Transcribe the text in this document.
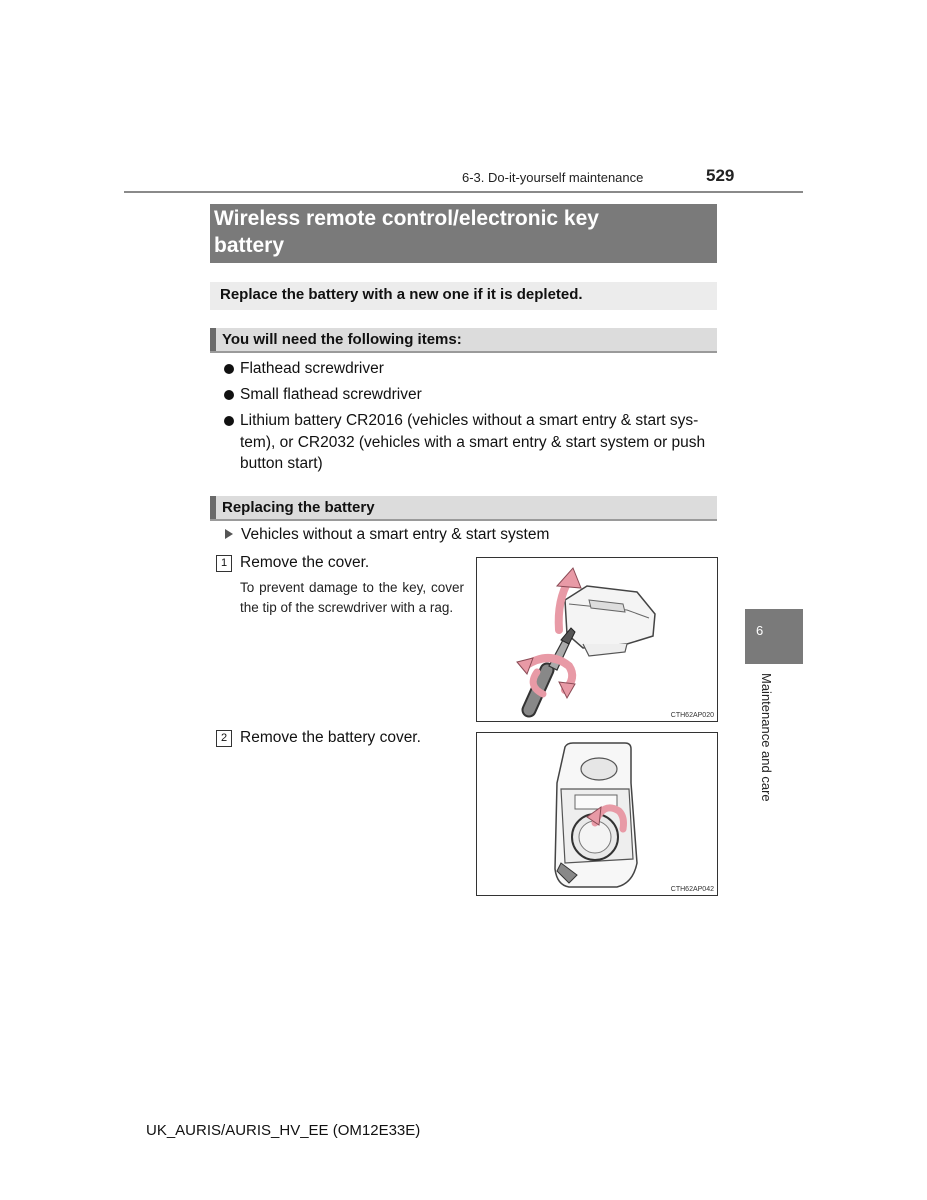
6-3. Do-it-yourself maintenance	529
Wireless remote control/electronic key
battery
Replace the battery with a new one if it is depleted.
You will need the following items:
Flathead screwdriver
Small flathead screwdriver
Lithium battery CR2016 (vehicles without a smart entry & start sys-tem), or CR2032 (vehicles with a smart entry & start system or push button start)
Replacing the battery
Vehicles without a smart entry & start system
1 Remove the cover.
To prevent damage to the key, cover the tip of the screwdriver with a rag.
CTH62AP020
2 Remove the battery cover.
CTH62AP042
6
Maintenance and care
UK_AURIS/AURIS_HV_EE (OM12E33E)
